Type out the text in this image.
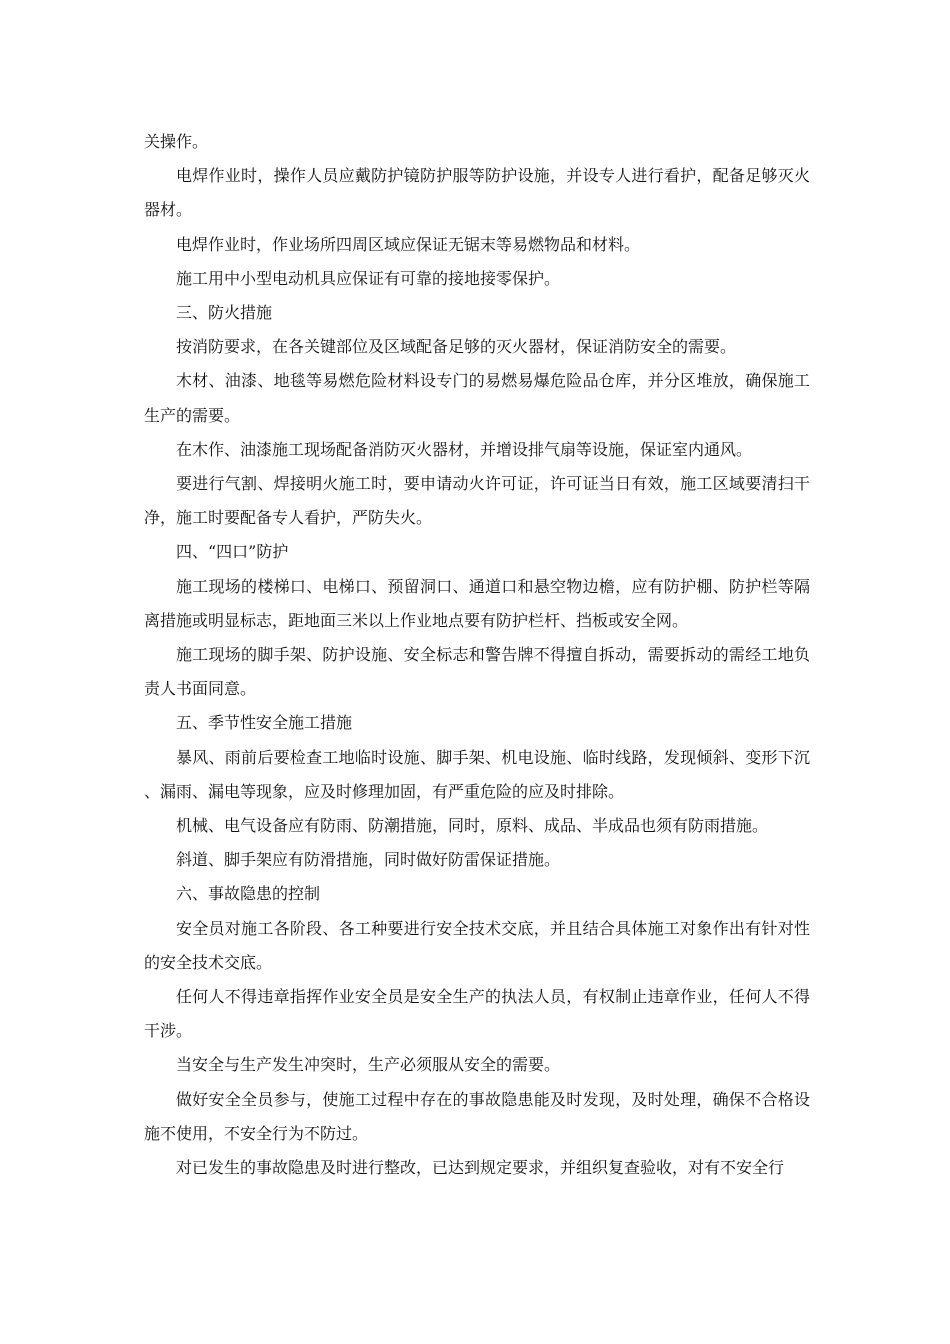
关操作。

电焊作业时，操作人员应戴防护镜防护服等防护设施，并设专人进行看护，配备足够灭火器材。

电焊作业时，作业场所四周区域应保证无锯末等易燃物品和材料。

施工用中小型电动机具应保证有可靠的接地接零保护。

三、防火措施

按消防要求，在各关键部位及区域配备足够的灭火器材，保证消防安全的需要。

木材、油漆、地毯等易燃危险材料设专门的易燃易爆危险品仓库，并分区堆放，确保施工生产的需要。

在木作、油漆施工现场配备消防灭火器材，并增设排气扇等设施，保证室内通风。

要进行气割、焊接明火施工时，要申请动火许可证，许可证当日有效，施工区域要清扫干净，施工时要配备专人看护，严防失火。

四、“四口”防护

施工现场的楼梯口、电梯口、预留洞口、通道口和悬空物边檐，应有防护棚、防护栏等隔离措施或明显标志，距地面三米以上作业地点要有防护栏杆、挡板或安全网。

施工现场的脚手架、防护设施、安全标志和警告牌不得擅自拆动，需要拆动的需经工地负责人书面同意。

五、季节性安全施工措施

暴风、雨前后要检查工地临时设施、脚手架、机电设施、临时线路，发现倾斜、变形下沉、漏雨、漏电等现象，应及时修理加固，有严重危险的应及时排除。

机械、电气设备应有防雨、防潮措施，同时，原料、成品、半成品也须有防雨措施。

斜道、脚手架应有防滑措施，同时做好防雷保证措施。

六、事故隐患的控制

安全员对施工各阶段、各工种要进行安全技术交底，并且结合具体施工对象作出有针对性的安全技术交底。

任何人不得违章指挥作业安全员是安全生产的执法人员，有权制止违章作业，任何人不得干涉。

当安全与生产发生冲突时，生产必须服从安全的需要。

做好安全全员参与，使施工过程中存在的事故隐患能及时发现，及时处理，确保不合格设施不使用，不安全行为不防过。

对已发生的事故隐患及时进行整改，已达到规定要求，并组织复查验收，对有不安全行
